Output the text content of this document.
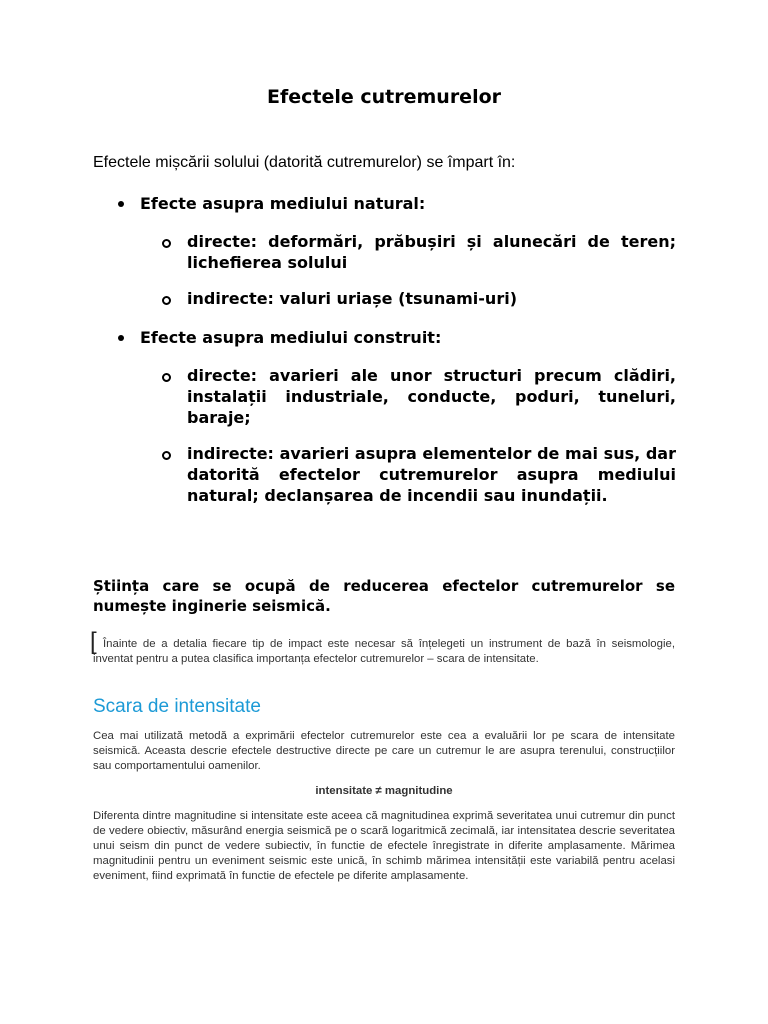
Efectele cutremurelor
Efectele mișcării solului (datorită cutremurelor) se împart în:
Efecte asupra mediului natural:
directe: deformări, prăbușiri și alunecări de teren; lichefierea solului
indirecte: valuri uriașe (tsunami-uri)
Efecte asupra mediului construit:
directe: avarieri ale unor structuri precum clădiri, instalații industriale, conducte, poduri, tuneluri, baraje;
indirecte: avarieri asupra elementelor de mai sus, dar datorită efectelor cutremurelor asupra mediului natural; declanșarea de incendii sau inundații.
Știința care se ocupă de reducerea efectelor cutremurelor se numește inginerie seismică.
[ Înainte de a detalia fiecare tip de impact este necesar să înțelegeti un instrument de bază în seismologie, inventat pentru a putea clasifica importanța efectelor cutremurelor – scara de intensitate.
Scara de intensitate
Cea mai utilizată metodă a exprimării efectelor cutremurelor este cea a evaluării lor pe scara de intensitate seismică. Aceasta descrie efectele destructive directe pe care un cutremur le are asupra terenului, construcțiilor sau comportamentului oamenilor.
intensitate ≠ magnitudine
Diferenta dintre magnitudine si intensitate este aceea că magnitudinea exprimă severitatea unui cutremur din punct de vedere obiectiv, măsurând energia seismică pe o scară logaritmică zecimală, iar intensitatea descrie severitatea unui seism din punct de vedere subiectiv, în functie de efectele înregistrate in diferite amplasamente. Mărimea magnitudinii pentru un eveniment seismic este unică, în schimb mărimea intensității este variabilă pentru acelasi eveniment, fiind exprimată în functie de efectele pe diferite amplasamente.
